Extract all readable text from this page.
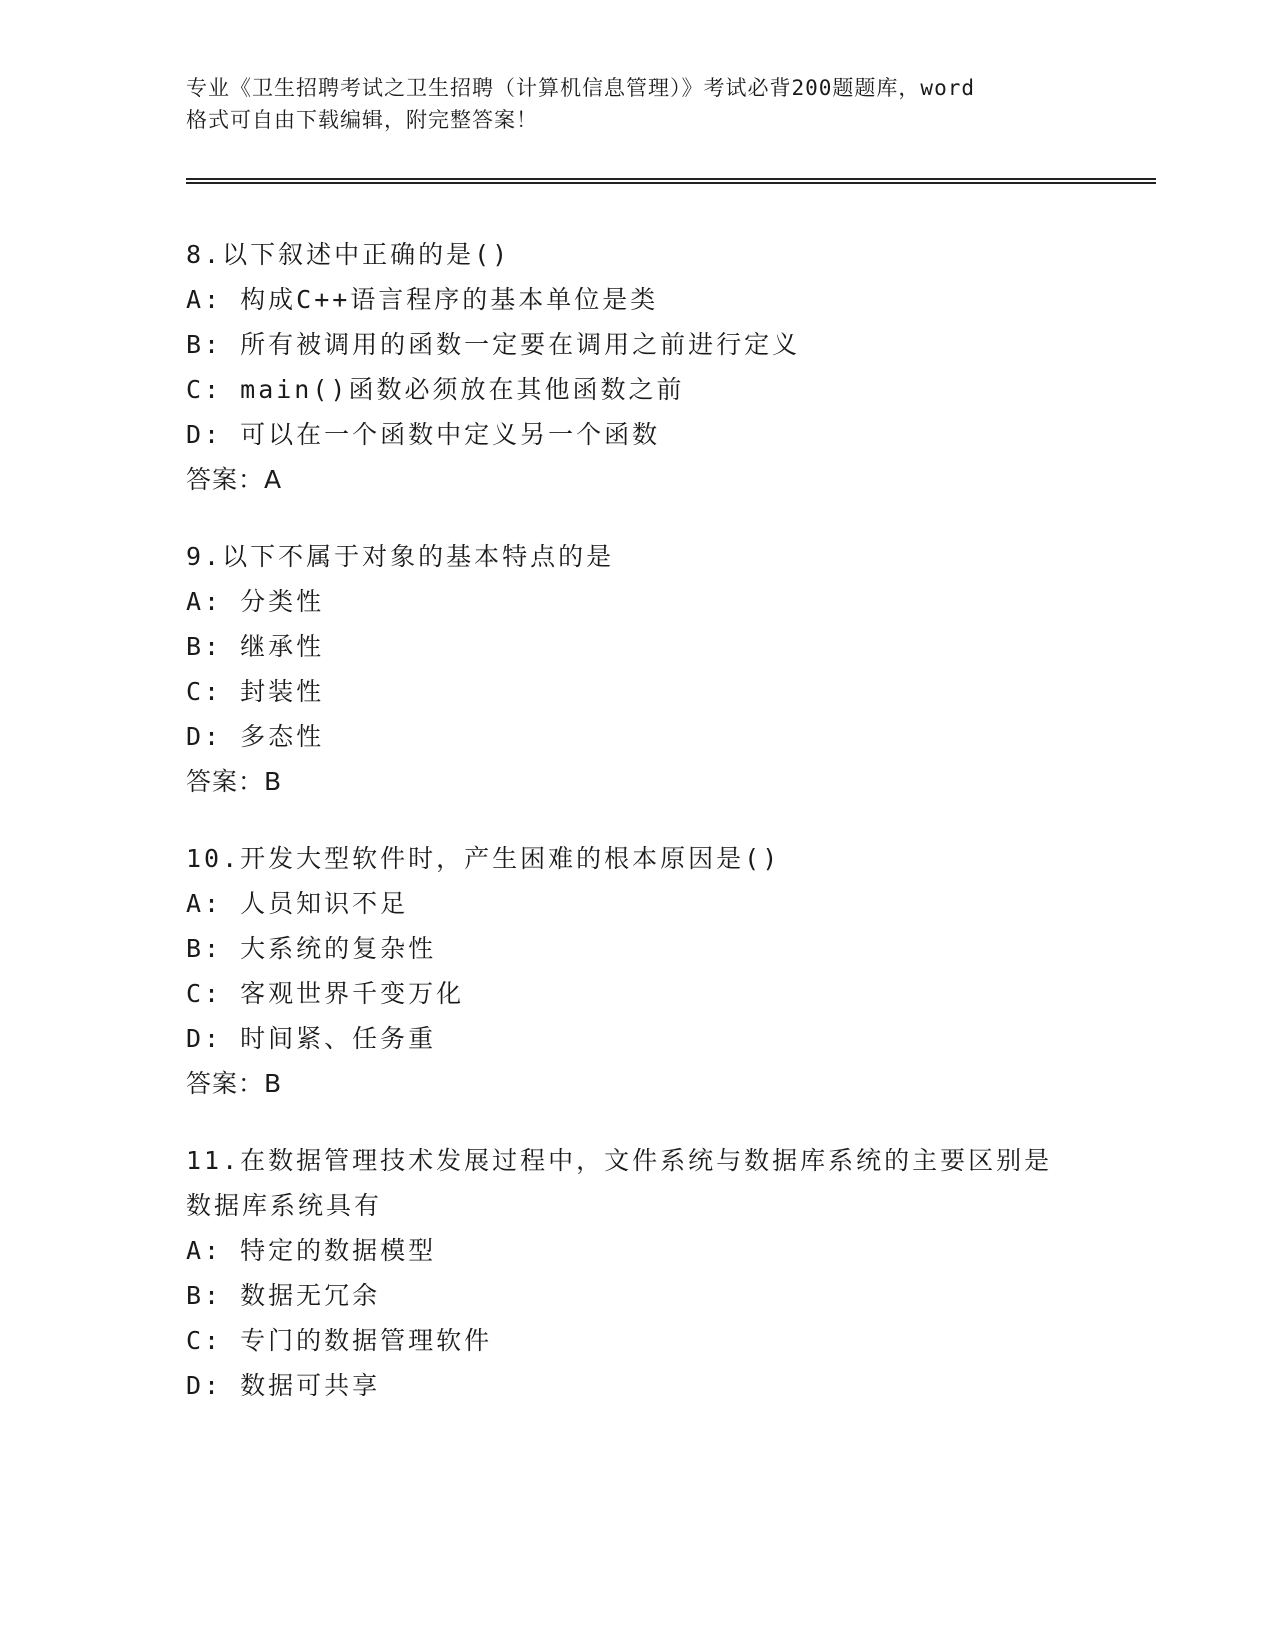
专业《卫生招聘考试之卫生招聘（计算机信息管理）》考试必背200题题库，word
格式可自由下载编辑，附完整答案！

8.以下叙述中正确的是()

A: 构成C++语言程序的基本单位是类

B: 所有被调用的函数一定要在调用之前进行定义

C: main()函数必须放在其他函数之前

D: 可以在一个函数中定义另一个函数

答案：A

9.以下不属于对象的基本特点的是

A: 分类性

B: 继承性

C: 封装性

D: 多态性

答案：B

10.开发大型软件时，产生困难的根本原因是()

A: 人员知识不足

B: 大系统的复杂性

C: 客观世界千变万化

D: 时间紧、任务重

答案：B

11.在数据管理技术发展过程中，文件系统与数据库系统的主要区别是

数据库系统具有

A: 特定的数据模型

B: 数据无冗余

C: 专门的数据管理软件

D: 数据可共享
